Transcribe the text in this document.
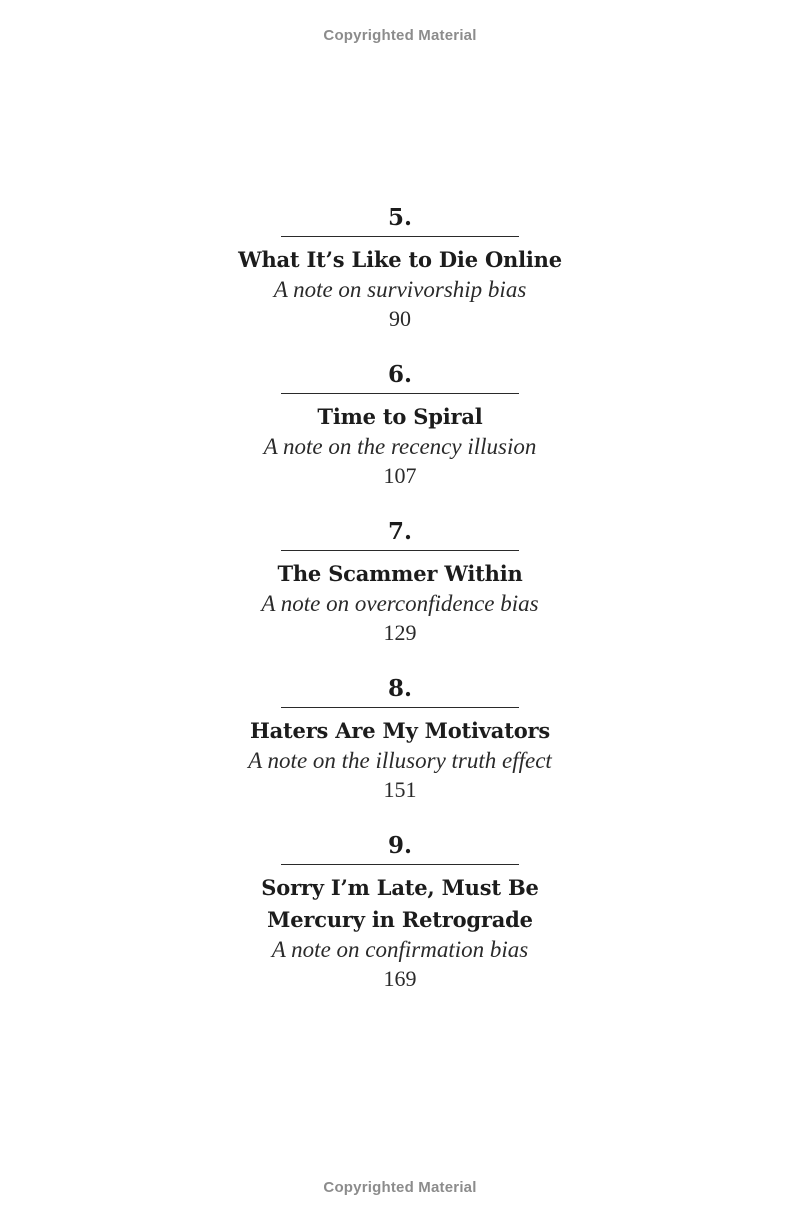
Copyrighted Material
5.
What It’s Like to Die Online
A note on survivorship bias
90
6.
Time to Spiral
A note on the recency illusion
107
7.
The Scammer Within
A note on overconfidence bias
129
8.
Haters Are My Motivators
A note on the illusory truth effect
151
9.
Sorry I’m Late, Must Be
Mercury in Retrograde
A note on confirmation bias
169
Copyrighted Material
